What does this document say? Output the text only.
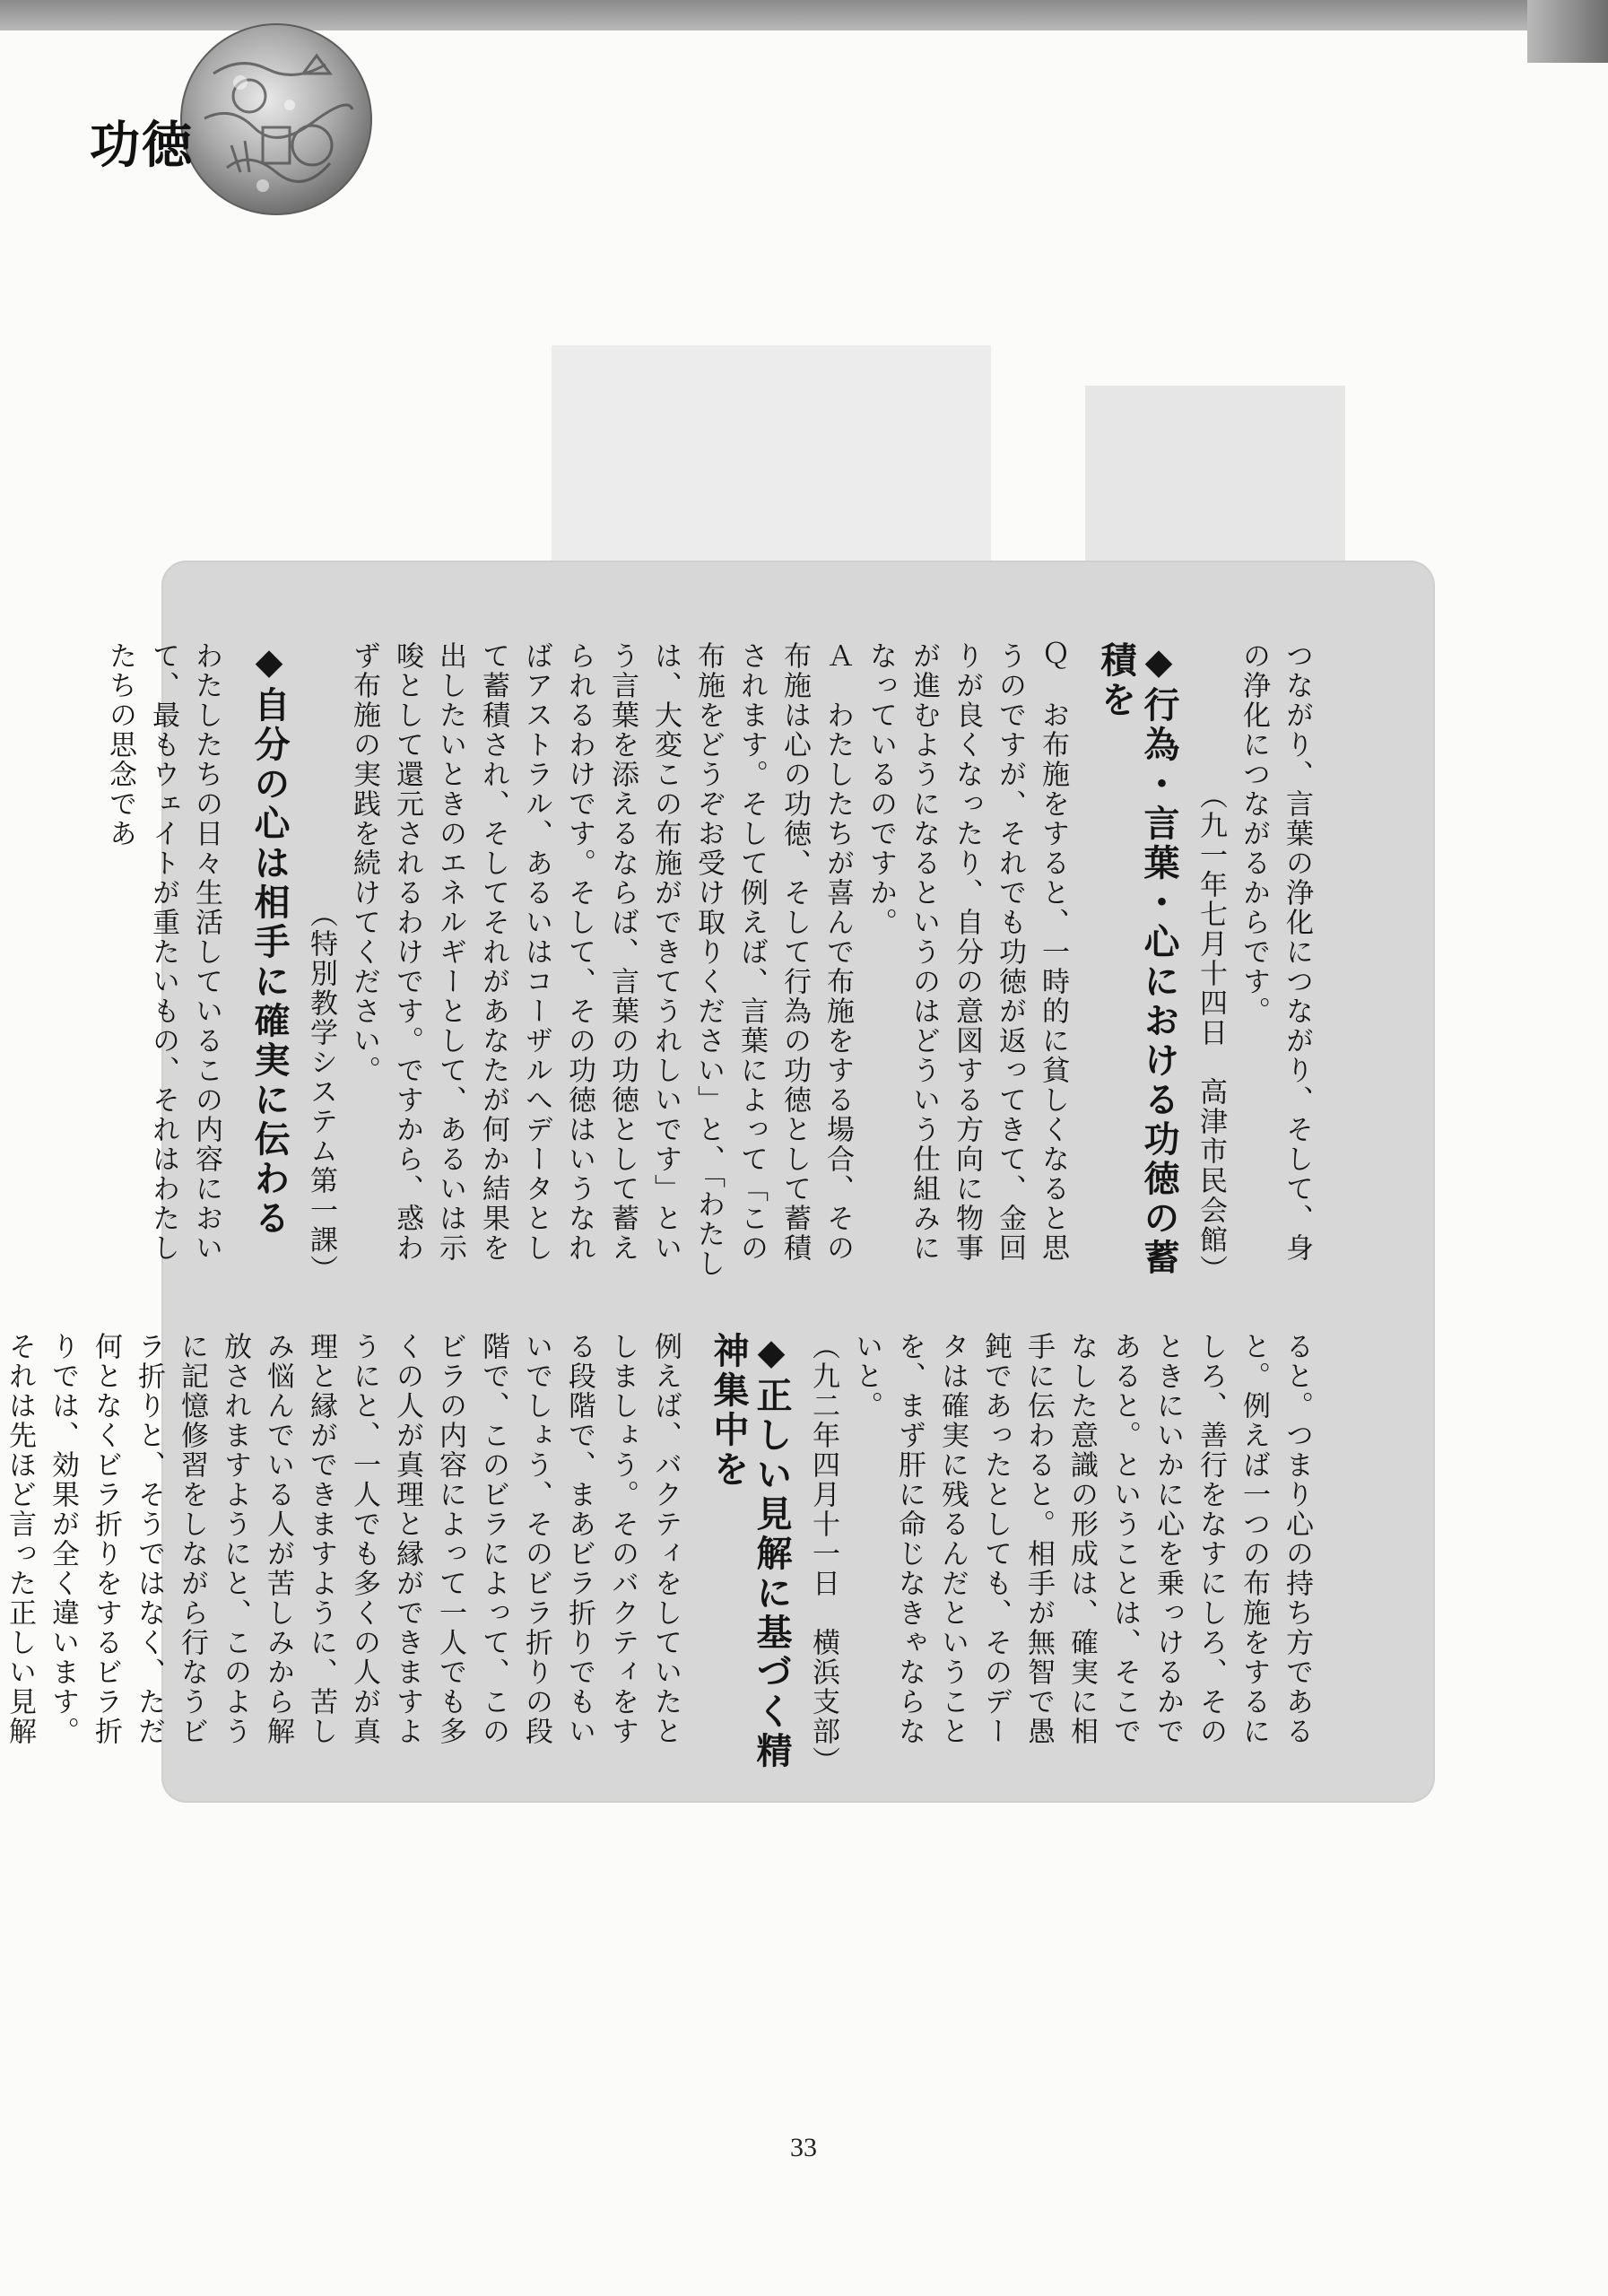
功徳

つながり、言葉の浄化につながり、そして、身の浄化につながるからです。

（九一年七月十四日　高津市民会館）

◆行為・言葉・心における功徳の蓄積を

Ｑ　お布施をすると、一時的に貧しくなると思うのですが、それでも功徳が返ってきて、金回りが良くなったり、自分の意図する方向に物事が進むようになるというのはどういう仕組みになっているのですか。

Ａ　わたしたちが喜んで布施をする場合、その布施は心の功徳、そして行為の功徳として蓄積されます。そして例えば、言葉によって「この布施をどうぞお受け取りください」と、「わたしは、大変この布施ができてうれしいです」という言葉を添えるならば、言葉の功徳として蓄えられるわけです。そして、その功徳はいうなればアストラル、あるいはコーザルへデータとして蓄積され、そしてそれがあなたが何か結果を出したいときのエネルギーとして、あるいは示唆として還元されるわけです。ですから、惑わず布施の実践を続けてください。

（特別教学システム第一課）

◆自分の心は相手に確実に伝わる

わたしたちの日々生活しているこの内容において、最もウェイトが重たいもの、それはわたしたちの思念であ

ると。つまり心の持ち方であると。例えば一つの布施をするにしろ、善行をなすにしろ、そのときにいかに心を乗っけるかであると。ということは、そこでなした意識の形成は、確実に相手に伝わると。相手が無智で愚鈍であったとしても、そのデータは確実に残るんだということを、まず肝に命じなきゃならないと。

（九二年四月十一日　横浜支部）

◆正しい見解に基づく精神集中を

例えば、バクティをしていたとしましょう。そのバクティをする段階で、まあビラ折りでもいいでしょう、そのビラ折りの段階で、このビラによって、このビラの内容によって一人でも多くの人が真理と縁ができますようにと、一人でも多くの人が真理と縁ができますように、苦しみ悩んでいる人が苦しみから解放されますようにと、このように記憶修習をしながら行なうビラ折りと、そうではなく、ただ何となくビラ折りをするビラ折りでは、効果が全く違います。それは先ほど言った正しい見解

33
